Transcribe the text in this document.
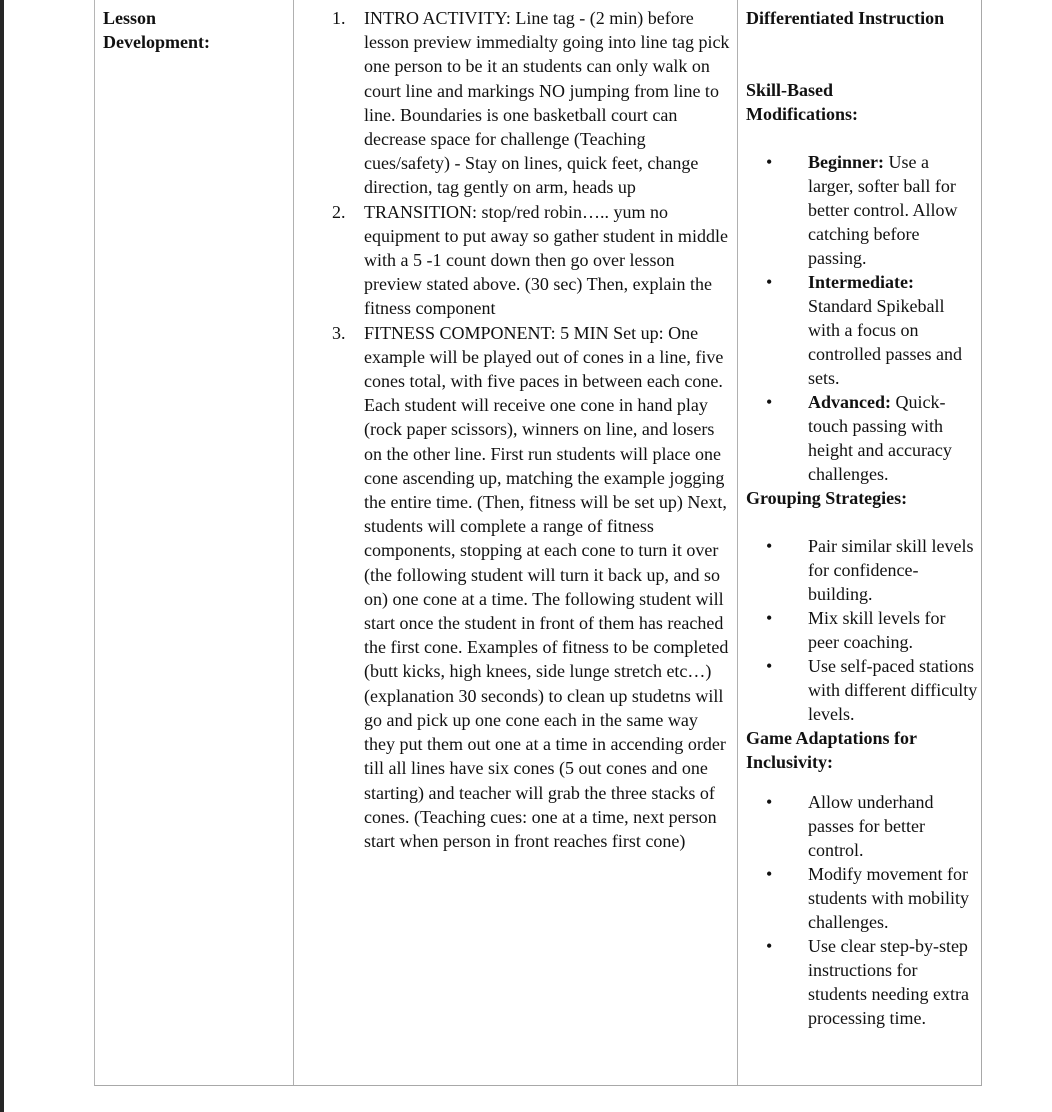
Lesson Development:

1. INTRO ACTIVITY: Line tag - (2 min) before lesson preview immedialty going into line tag pick one person to be it an students can only walk on court line and markings NO jumping from line to line. Boundaries is one basketball court can decrease space for challenge (Teaching cues/safety) - Stay on lines, quick feet, change direction, tag gently on arm, heads up
2. TRANSITION: stop/red robin….. yum no equipment to put away so gather student in middle with a 5 -1 count down then go over lesson preview stated above. (30 sec) Then, explain the fitness component
3. FITNESS COMPONENT: 5 MIN Set up: One example will be played out of cones in a line, five cones total, with five paces in between each cone. Each student will receive one cone in hand play (rock paper scissors), winners on line, and losers on the other line. First run students will place one cone ascending up, matching the example jogging the entire time. (Then, fitness will be set up) Next, students will complete a range of fitness components, stopping at each cone to turn it over (the following student will turn it back up, and so on) one cone at a time. The following student will start once the student in front of them has reached the first cone. Examples of fitness to be completed (butt kicks, high knees, side lunge stretch etc…) (explanation 30 seconds) to clean up studetns will go and pick up one cone each in the same way they put them out one at a time in accending order till all lines have six cones (5 out cones and one starting) and teacher will grab the three stacks of cones. (Teaching cues: one at a time, next person start when person in front reaches first cone)

Differentiated Instruction

Skill-Based Modifications:

• Beginner: Use a larger, softer ball for better control. Allow catching before passing.
• Intermediate: Standard Spikeball with a focus on controlled passes and sets.
• Advanced: Quick-touch passing with height and accuracy challenges.

Grouping Strategies:

• Pair similar skill levels for confidence-building.
• Mix skill levels for peer coaching.
• Use self-paced stations with different difficulty levels.

Game Adaptations for Inclusivity:

• Allow underhand passes for better control.
• Modify movement for students with mobility challenges.
• Use clear step-by-step instructions for students needing extra processing time.
